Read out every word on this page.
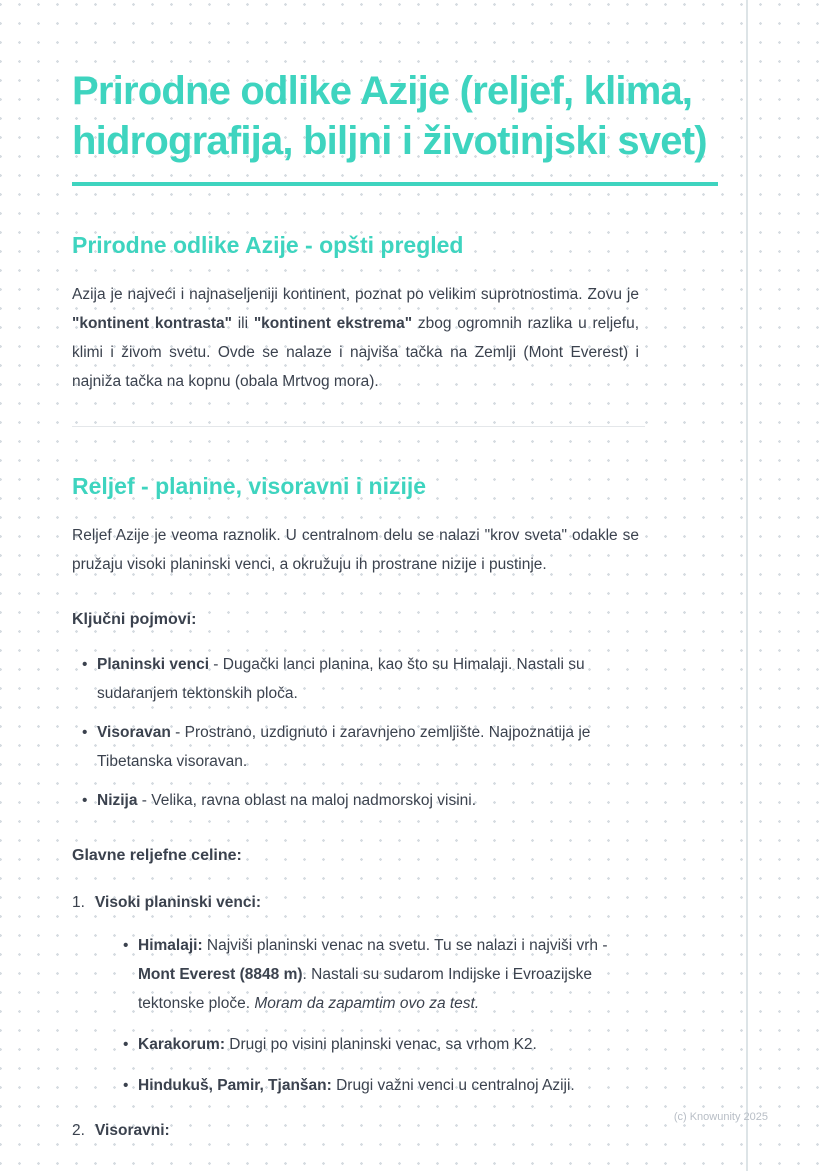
Prirodne odlike Azije (reljef, klima, hidrografija, biljni i životinjski svet)
Prirodne odlike Azije - opšti pregled

Azija je najveći i najnaseljeniji kontinent, poznat po velikim suprotnostima. Zovu je "kontinent kontrasta" ili "kontinent ekstrema" zbog ogromnih razlika u reljefu, klimi i živom svetu. Ovde se nalaze i najviša tačka na Zemlji (Mont Everest) i najniža tačka na kopnu (obala Mrtvog mora).

Reljef - planine, visoravni i nizije

Reljef Azije je veoma raznolik. U centralnom delu se nalazi "krov sveta" odakle se pružaju visoki planinski venci, a okružuju ih prostrane nizije i pustinje.

Ključni pojmovi:
•
Planinski venci - Dugački lanci planina, kao što su Himalaji. Nastali su sudaranjem tektonskih ploča.
•
Visoravan - Prostrano, uzdignuto i zaravnjeno zemljište. Najpoznatija je Tibetanska visoravan.
•
Nizija - Velika, ravna oblast na maloj nadmorskoj visini.
Glavne reljefne celine:
1. Visoki planinski venci:
•
Himalaji: Najviši planinski venac na svetu. Tu se nalazi i najviši vrh - Mont Everest (8848 m). Nastali su sudarom Indijske i Evroazijske tektonske ploče. Moram da zapamtim ovo za test.
•
Karakorum: Drugi po visini planinski venac, sa vrhom K2.
•
Hindukuš, Pamir, Tjanšan: Drugi važni venci u centralnoj Aziji.
2. Visoravni:
(c) Knowunity 2025
